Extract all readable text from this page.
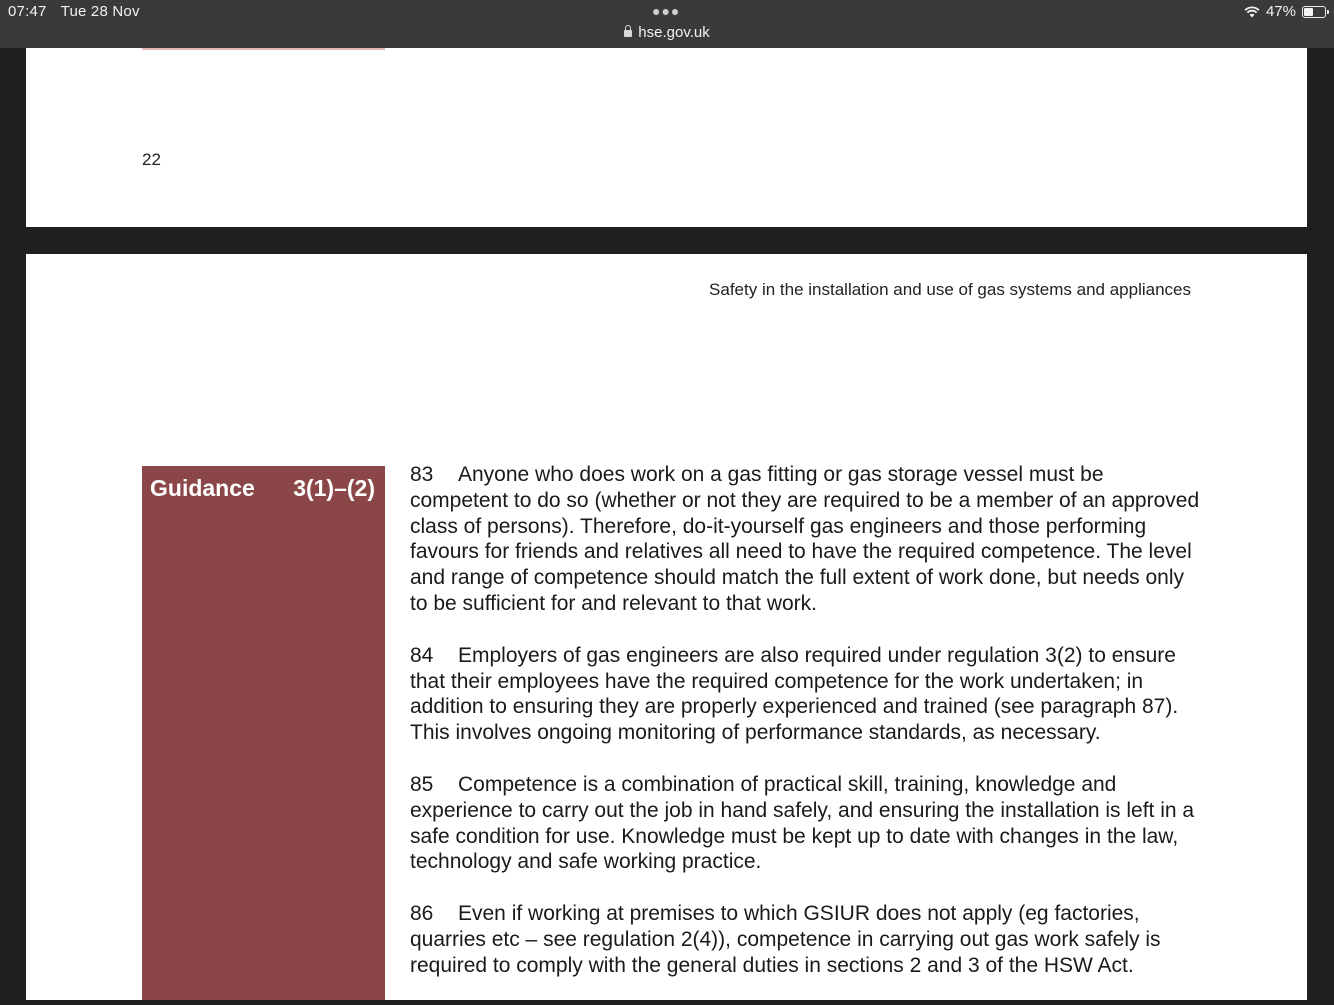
07:47 Tue 28 Nov	●●●
hse.gov.uk
47%
22
Safety in the installation and use of gas systems and appliances
Guidance 3(1)–(2)

83 Anyone who does work on a gas fitting or gas storage vessel must be competent to do so (whether or not they are required to be a member of an approved class of persons). Therefore, do-it-yourself gas engineers and those performing favours for friends and relatives all need to have the required competence. The level and range of competence should match the full extent of work done, but needs only to be sufficient for and relevant to that work.

84 Employers of gas engineers are also required under regulation 3(2) to ensure that their employees have the required competence for the work undertaken; in addition to ensuring they are properly experienced and trained (see paragraph 87). This involves ongoing monitoring of performance standards, as necessary.

85 Competence is a combination of practical skill, training, knowledge and experience to carry out the job in hand safely, and ensuring the installation is left in a safe condition for use. Knowledge must be kept up to date with changes in the law, technology and safe working practice.

86 Even if working at premises to which GSIUR does not apply (eg factories, quarries etc – see regulation 2(4)), competence in carrying out gas work safely is required to comply with the general duties in sections 2 and 3 of the HSW Act.
